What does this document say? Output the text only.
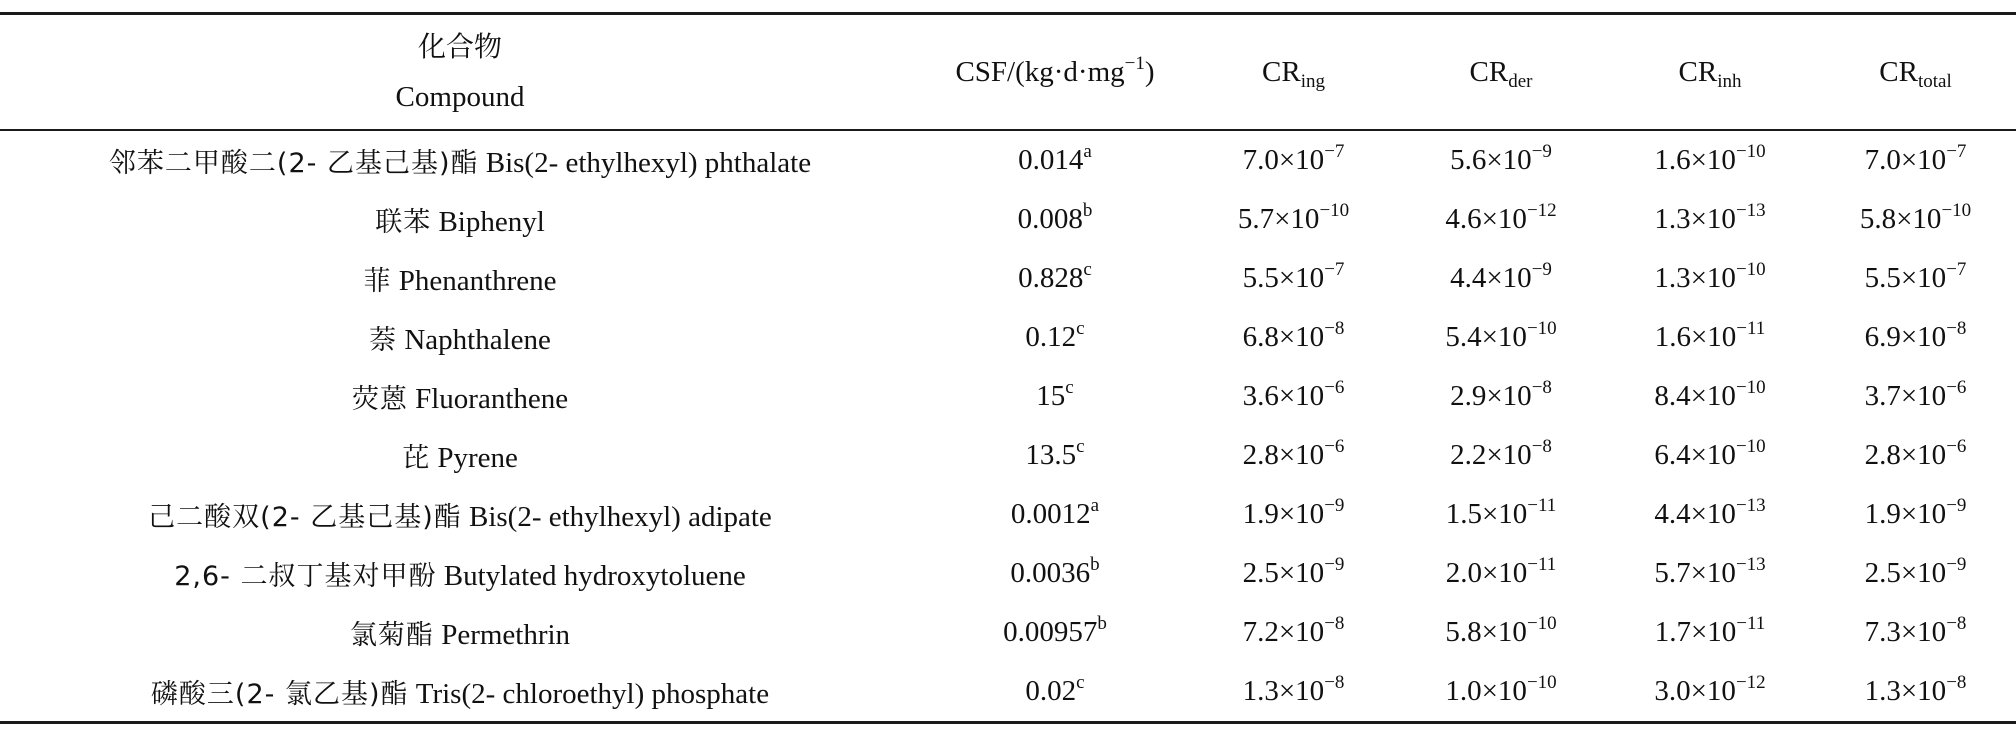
化合物
Compound	CSF/$(kg\cdot d\cdot mg^{-1})$	$CR_{ing}$	$CR_{der}$	$CR_{inh}$	$CR_{total}$
邻苯二甲酸二(2- 乙基己基)酯 Bis(2- ethylhexyl) phthalate	0.014$^a$	$7.0\times 10^{-7}$	$5.6\times 10^{-9}$	$1.6\times 10^{-10}$	$7.0\times 10^{-7}$
联苯 Biphenyl	0.008$^b$	$5.7\times 10^{-10}$	$4.6\times 10^{-12}$	$1.3\times 10^{-13}$	$5.8\times 10^{-10}$
菲 Phenanthrene	0.828$^c$	$5.5\times 10^{-7}$	$4.4\times 10^{-9}$	$1.3\times 10^{-10}$	$5.5\times 10^{-7}$
萘 Naphthalene	0.12$^c$	$6.8\times 10^{-8}$	$5.4\times 10^{-10}$	$1.6\times 10^{-11}$	$6.9\times 10^{-8}$
荧蒽 Fluoranthene	15$^c$	$3.6\times 10^{-6}$	$2.9\times 10^{-8}$	$8.4\times 10^{-10}$	$3.7\times 10^{-6}$
芘 Pyrene	13.5$^c$	$2.8\times 10^{-6}$	$2.2\times 10^{-8}$	$6.4\times 10^{-10}$	$2.8\times 10^{-6}$
己二酸双(2- 乙基己基)酯 Bis(2- ethylhexyl) adipate	0.0012$^a$	$1.9\times 10^{-9}$	$1.5\times 10^{-11}$	$4.4\times 10^{-13}$	$1.9\times 10^{-9}$
2,6- 二叔丁基对甲酚 Butylated hydroxytoluene	0.0036$^b$	$2.5\times 10^{-9}$	$2.0\times 10^{-11}$	$5.7\times 10^{-13}$	$2.5\times 10^{-9}$
氯菊酯 Permethrin	0.00957$^b$	$7.2\times 10^{-8}$	$5.8\times 10^{-10}$	$1.7\times 10^{-11}$	$7.3\times 10^{-8}$
磷酸三(2- 氯乙基)酯 Tris(2- chloroethyl) phosphate	0.02$^c$	$1.3\times 10^{-8}$	$1.0\times 10^{-10}$	$3.0\times 10^{-12}$	$1.3\times 10^{-8}$
